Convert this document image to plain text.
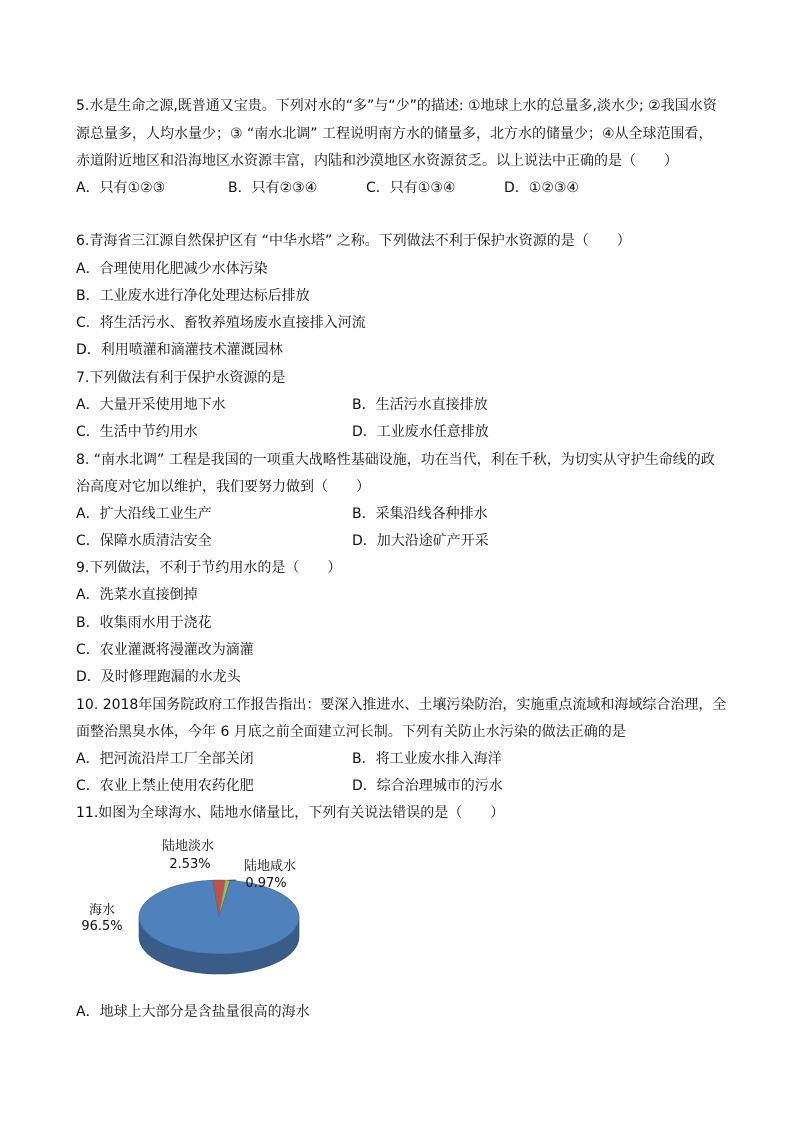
5.水是生命之源,既普通又宝贵。下列对水的“多”与“少”的描述: ①地球上水的总量多,淡水少; ②我国水资
源总量多，人均水量少；③ “南水北调” 工程说明南方水的储量多，北方水的储量少；④从全球范围看，
赤道附近地区和沿海地区水资源丰富，内陆和沙漠地区水资源贫乏。以上说法中正确的是（　　）
A．只有①②③	B．只有②③④	C．只有①③④	D．①②③④
6.青海省三江源自然保护区有 “中华水塔” 之称。下列做法不利于保护水资源的是（　　）
A．合理使用化肥减少水体污染
B．工业废水进行净化处理达标后排放
C．将生活污水、畜牧养殖场废水直接排入河流
D．利用喷灌和滴灌技术灌溉园林
7.下列做法有利于保护水资源的是
A．大量开采使用地下水	B．生活污水直接排放
C．生活中节约用水	D．工业废水任意排放
8. “南水北调” 工程是我国的一项重大战略性基础设施，功在当代，利在千秋，为切实从守护生命线的政
治高度对它加以维护，我们要努力做到（　　）
A．扩大沿线工业生产	B．采集沿线各种排水
C．保障水质清洁安全	D．加大沿途矿产开采
9.下列做法，不利于节约用水的是（　　）
A．洗菜水直接倒掉
B．收集雨水用于浇花
C．农业灌溉将漫灌改为滴灌
D．及时修理跑漏的水龙头
10. 2018年国务院政府工作报告指出：要深入推进水、土壤污染防治，实施重点流域和海域综合治理，全
面整治黑臭水体，今年 6 月底之前全面建立河长制。下列有关防止水污染的做法正确的是
A．把河流沿岸工厂全部关闭	B．将工业废水排入海洋
C．农业上禁止使用农药化肥	D．综合治理城市的污水
11.如图为全球海水、陆地水储量比，下列有关说法错误的是（　　）
海水
96.5%
陆地淡水
2.53%	陆地咸水
0.97%
A．地球上大部分是含盐量很高的海水
